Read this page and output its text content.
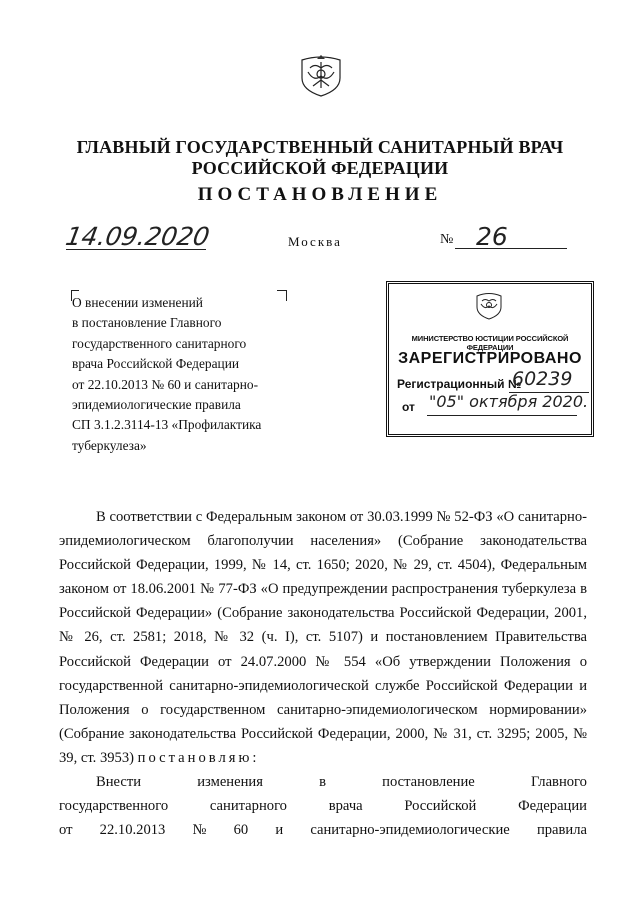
ГЛАВНЫЙ ГОСУДАРСТВЕННЫЙ САНИТАРНЫЙ ВРАЧ
РОССИЙСКОЙ ФЕДЕРАЦИИ
ПОСТАНОВЛЕНИЕ
14.09.2020	Москва	№ 26

О внесении изменений

в постановление Главного

государственного санитарного

врача Российской Федерации

от 22.10.2013 № 60 и санитарно-

эпидемиологические правила

СП 3.1.2.3114-13 «Профилактика

туберкулеза»

МИНИСТЕРСТВО ЮСТИЦИИ РОССИЙСКОЙ ФЕДЕРАЦИИ
ЗАРЕГИСТРИРОВАНО
Регистрационный №
60239
от "05" октября 2020.

В соответствии с Федеральным законом от 30.03.1999 № 52-ФЗ «О санитарно-эпидемиологическом благополучии населения» (Собрание законодательства Российской Федерации, 1999, № 14, ст. 1650; 2020, № 29, ст. 4504), Федеральным законом от 18.06.2001 № 77-ФЗ «О предупреждении распространения туберкулеза в Российской Федерации» (Собрание законодательства Российской Федерации, 2001, № 26, ст. 2581; 2018, № 32 (ч. I), ст. 5107) и постановлением Правительства Российской Федерации от 24.07.2000 № 554 «Об утверждении Положения о государственной санитарно-эпидемиологической службе Российской Федерации и Положения о государственном санитарно-эпидемиологическом нормировании» (Собрание законодательства Российской Федерации, 2000, № 31, ст. 3295; 2005, № 39, ст. 3953) постановляю:

Внести	изменения	в	постановление	Главного
государственного	санитарного	врача	Российской	Федерации
от 22.10.2013 № 60 и санитарно-эпидемиологические правила
